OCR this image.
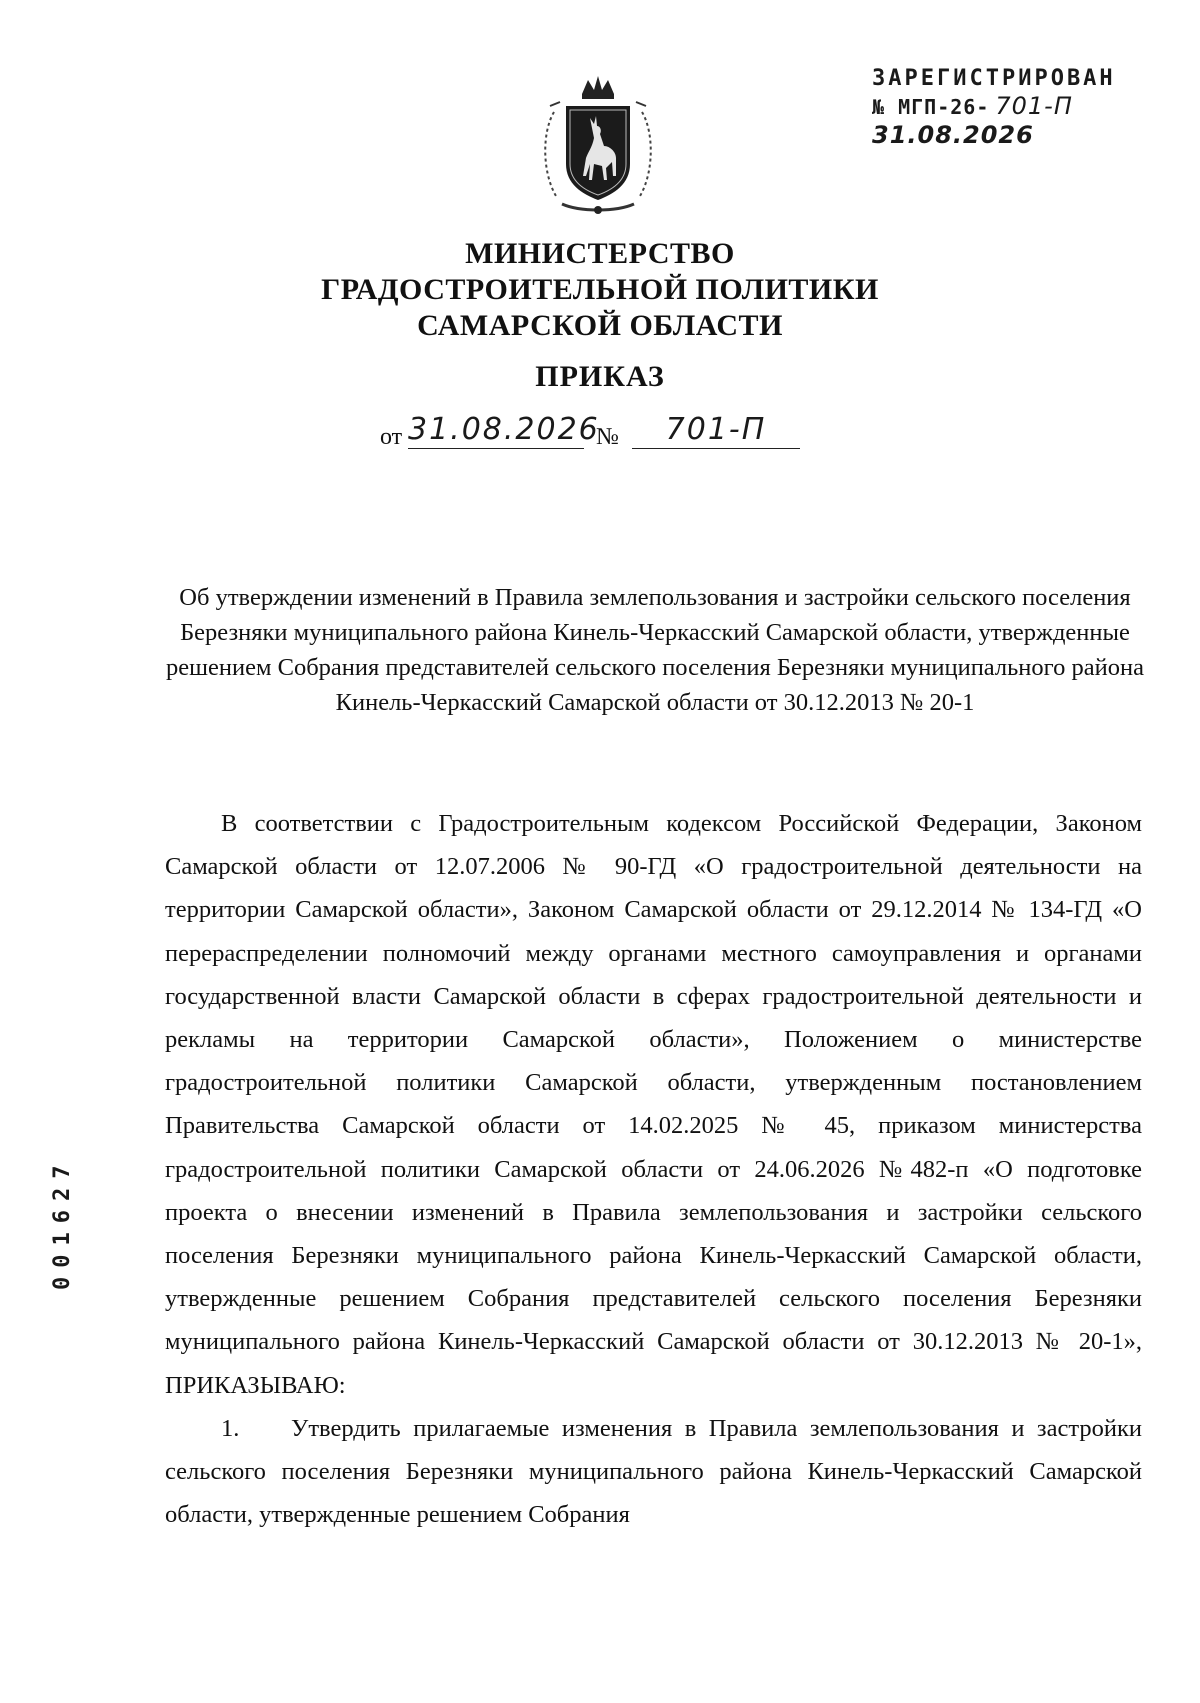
ЗАРЕГИСТРИРОВАН
№ МГП-26- 701-П
31.08.2026
МИНИСТЕРСТВО
ГРАДОСТРОИТЕЛЬНОЙ ПОЛИТИКИ
САМАРСКОЙ ОБЛАСТИ
ПРИКАЗ
от 31.08.2026
№	701-П
Об утверждении изменений в Правила землепользования и застройки сельского поселения Березняки муниципального района Кинель-Черкасский Самарской области, утвержденные решением Собрания представителей сельского поселения Березняки муниципального района Кинель-Черкасский Самарской области от 30.12.2013 № 20-1

В соответствии с Градостроительным кодексом Российской Федерации, Законом Самарской области от 12.07.2006 № 90-ГД «О градостроительной деятельности на территории Самарской области», Законом Самарской области от 29.12.2014 № 134-ГД «О перераспределении полномочий между органами местного самоуправления и органами государственной власти Самарской области в сферах градостроительной деятельности и рекламы на территории Самарской области», Положением о министерстве градостроительной политики Самарской области, утвержденным постановлением Правительства Самарской области от 14.02.2025 № 45, приказом министерства градостроительной политики Самарской области от 24.06.2026 №482-п «О подготовке проекта о внесении изменений в Правила землепользования и застройки сельского поселения Березняки муниципального района Кинель-Черкасский Самарской области, утвержденные решением Собрания представителей сельского поселения Березняки муниципального района Кинель-Черкасский Самарской области от 30.12.2013 № 20-1», ПРИКАЗЫВАЮ:

1. Утвердить прилагаемые изменения в Правила землепользования и застройки сельского поселения Березняки муниципального района Кинель-Черкасский Самарской области, утвержденные решением Собрания

001627
